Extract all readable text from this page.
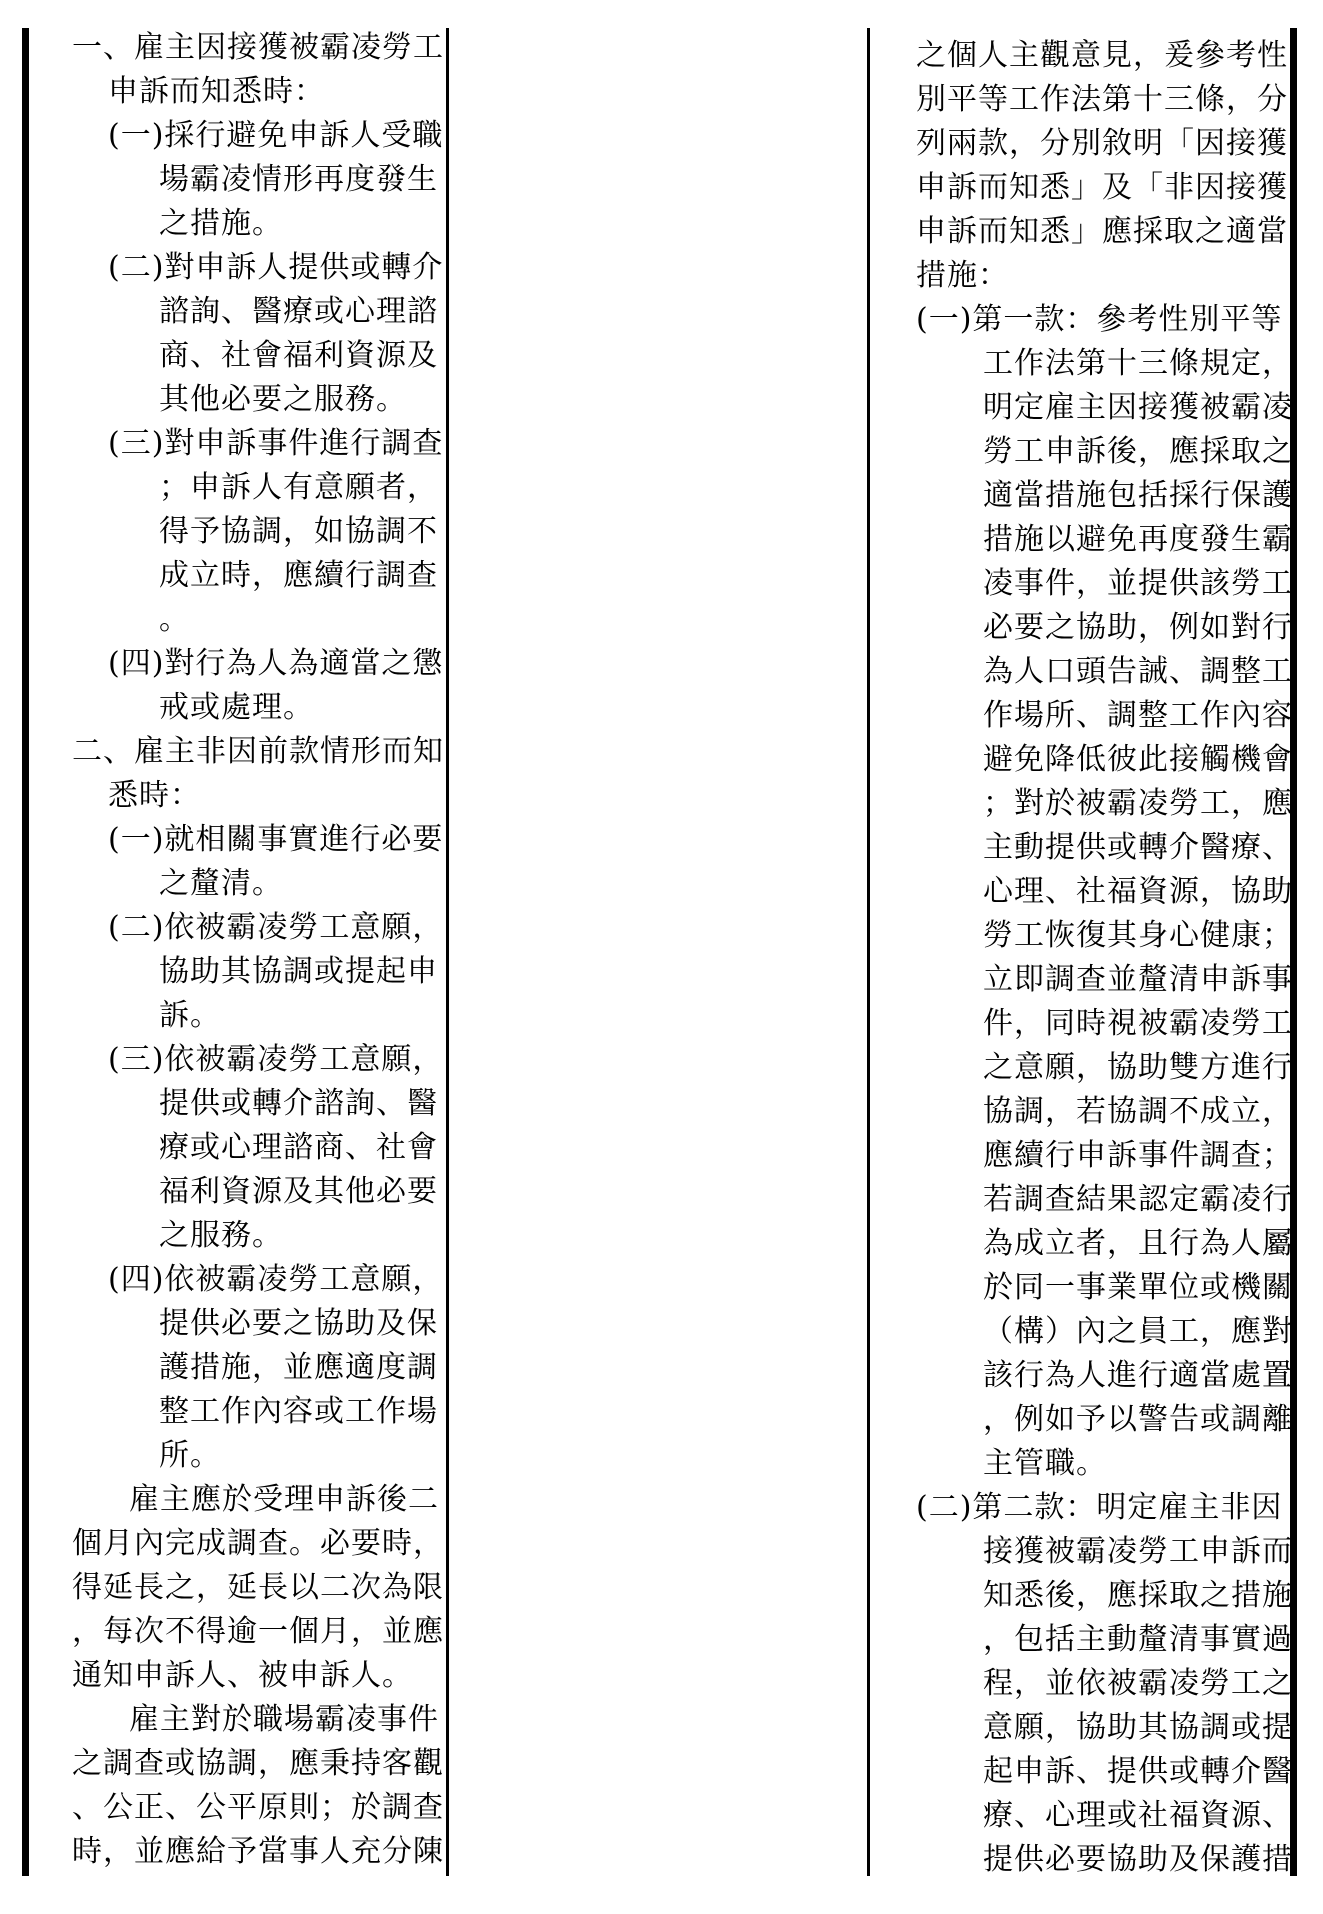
一、雇主因接獲被霸凌勞工
申訴而知悉時：
(一)採行避免申訴人受職
場霸凌情形再度發生
之措施。
(二)對申訴人提供或轉介
諮詢、醫療或心理諮
商、社會福利資源及
其他必要之服務。
(三)對申訴事件進行調查
；申訴人有意願者，
得予協調，如協調不
成立時，應續行調查
。
(四)對行為人為適當之懲
戒或處理。
二、雇主非因前款情形而知
悉時：
(一)就相關事實進行必要
之釐清。
(二)依被霸凌勞工意願，
協助其協調或提起申
訴。
(三)依被霸凌勞工意願，
提供或轉介諮詢、醫
療或心理諮商、社會
福利資源及其他必要
之服務。
(四)依被霸凌勞工意願，
提供必要之協助及保
護措施，並應適度調
整工作內容或工作場
所。
雇主應於受理申訴後二
個月內完成調查。必要時，
得延長之，延長以二次為限
，每次不得逾一個月，並應
通知申訴人、被申訴人。
雇主對於職場霸凌事件
之調查或協調，應秉持客觀
、公正、公平原則；於調查
時，並應給予當事人充分陳
之個人主觀意見，爰參考性
別平等工作法第十三條，分
列兩款，分別敘明「因接獲
申訴而知悉」及「非因接獲
申訴而知悉」應採取之適當
措施：
(一)第一款：參考性別平等
工作法第十三條規定，
明定雇主因接獲被霸凌
勞工申訴後，應採取之
適當措施包括採行保護
措施以避免再度發生霸
凌事件，並提供該勞工
必要之協助，例如對行
為人口頭告誡、調整工
作場所、調整工作內容
避免降低彼此接觸機會
；對於被霸凌勞工，應
主動提供或轉介醫療、
心理、社福資源，協助
勞工恢復其身心健康；
立即調查並釐清申訴事
件，同時視被霸凌勞工
之意願，協助雙方進行
協調，若協調不成立，
應續行申訴事件調查；
若調查結果認定霸凌行
為成立者，且行為人屬
於同一事業單位或機關
（構）內之員工，應對
該行為人進行適當處置
，例如予以警告或調離
主管職。
(二)第二款：明定雇主非因
接獲被霸凌勞工申訴而
知悉後，應採取之措施
，包括主動釐清事實過
程，並依被霸凌勞工之
意願，協助其協調或提
起申訴、提供或轉介醫
療、心理或社福資源、
提供必要協助及保護措
